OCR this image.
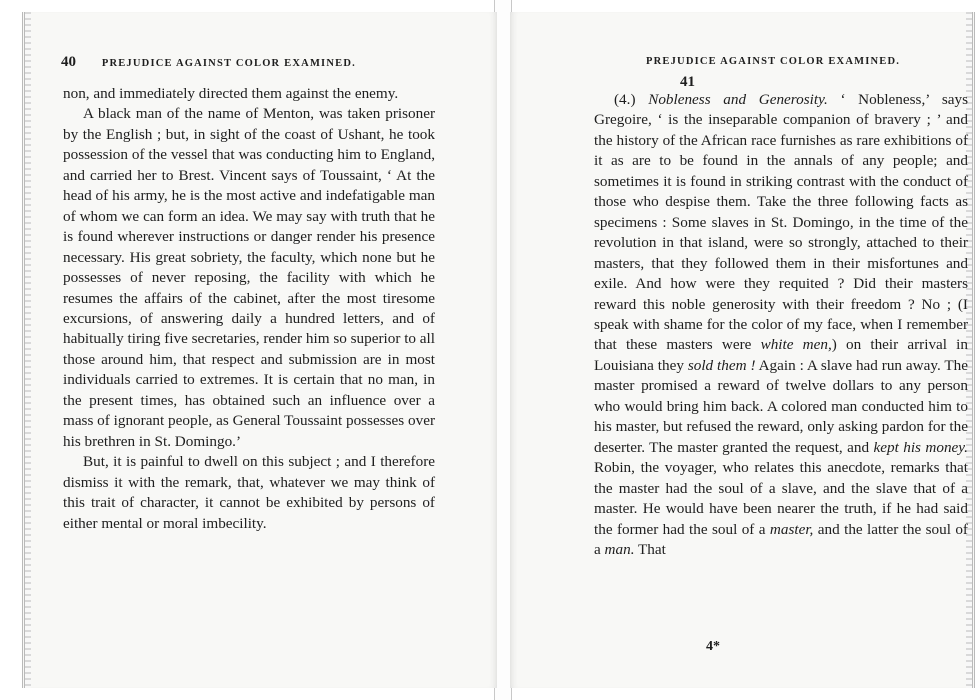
40 PREJUDICE AGAINST COLOR EXAMINED.

non, and immediately directed them against the enemy.

A black man of the name of Menton, was taken prisoner by the English ; but, in sight of the coast of Ushant, he took possession of the vessel that was conducting him to England, and carried her to Brest. Vincent says of Toussaint, ‘ At the head of his army, he is the most active and indefatigable man of whom we can form an idea. We may say with truth that he is found wherever instructions or danger render his presence necessary. His great sobriety, the faculty, which none but he possesses of never reposing, the facility with which he resumes the affairs of the cabinet, after the most tiresome excursions, of answering daily a hundred letters, and of habitually tiring five secretaries, render him so superior to all those around him, that respect and submission are in most individuals carried to extremes. It is certain that no man, in the present times, has obtained such an influence over a mass of ignorant people, as General Toussaint possesses over his brethren in St. Domingo.’

But, it is painful to dwell on this subject ; and I therefore dismiss it with the remark, that, whatever we may think of this trait of character, it cannot be exhibited by persons of either mental or moral imbecility.

PREJUDICE AGAINST COLOR EXAMINED. 41

(4.) Nobleness and Generosity. ‘ Nobleness,’ says Gregoire, ‘ is the inseparable companion of bravery ; ’ and the history of the African race furnishes as rare exhibitions of it as are to be found in the annals of any people; and sometimes it is found in striking contrast with the conduct of those who despise them. Take the three following facts as specimens : Some slaves in St. Domingo, in the time of the revolution in that island, were so strongly, attached to their masters, that they followed them in their misfortunes and exile. And how were they requited ? Did their masters reward this noble generosity with their freedom ? No ; (I speak with shame for the color of my face, when I remember that these masters were white men,) on their arrival in Louisiana they sold them ! Again : A slave had run away. The master promised a reward of twelve dollars to any person who would bring him back. A colored man conducted him to his master, but refused the reward, only asking pardon for the deserter. The master granted the request, and kept his money. Robin, the voyager, who relates this anecdote, remarks that the master had the soul of a slave, and the slave that of a master. He would have been nearer the truth, if he had said the former had the soul of a master, and the latter the soul of a man. That

4*
